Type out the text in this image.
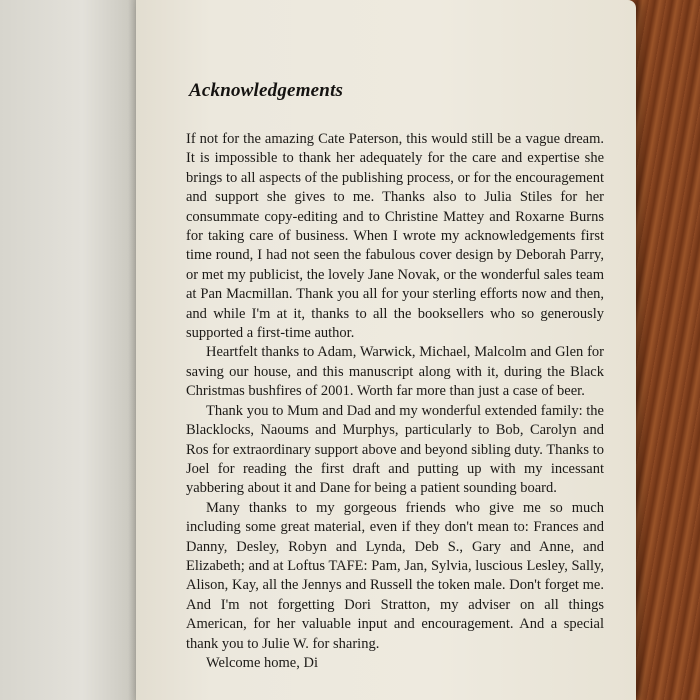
Acknowledgements

If not for the amazing Cate Paterson, this would still be a vague dream. It is impossible to thank her adequately for the care and expertise she brings to all aspects of the publishing process, or for the encouragement and support she gives to me. Thanks also to Julia Stiles for her consummate copy-editing and to Christine Mattey and Roxarne Burns for taking care of business. When I wrote my acknowledgements first time round, I had not seen the fabulous cover design by Deborah Parry, or met my publicist, the lovely Jane Novak, or the wonderful sales team at Pan Macmillan. Thank you all for your sterling efforts now and then, and while I'm at it, thanks to all the booksellers who so generously supported a first-time author.

Heartfelt thanks to Adam, Warwick, Michael, Malcolm and Glen for saving our house, and this manuscript along with it, during the Black Christmas bushfires of 2001. Worth far more than just a case of beer.

Thank you to Mum and Dad and my wonderful extended family: the Blacklocks, Naoums and Murphys, particularly to Bob, Carolyn and Ros for extraordinary support above and beyond sibling duty. Thanks to Joel for reading the first draft and putting up with my incessant yabbering about it and Dane for being a patient sounding board.

Many thanks to my gorgeous friends who give me so much including some great material, even if they don't mean to: Frances and Danny, Desley, Robyn and Lynda, Deb S., Gary and Anne, and Elizabeth; and at Loftus TAFE: Pam, Jan, Sylvia, luscious Lesley, Sally, Alison, Kay, all the Jennys and Russell the token male. Don't forget me. And I'm not forgetting Dori Stratton, my adviser on all things American, for her valuable input and encouragement. And a special thank you to Julie W. for sharing.

Welcome home, Di
